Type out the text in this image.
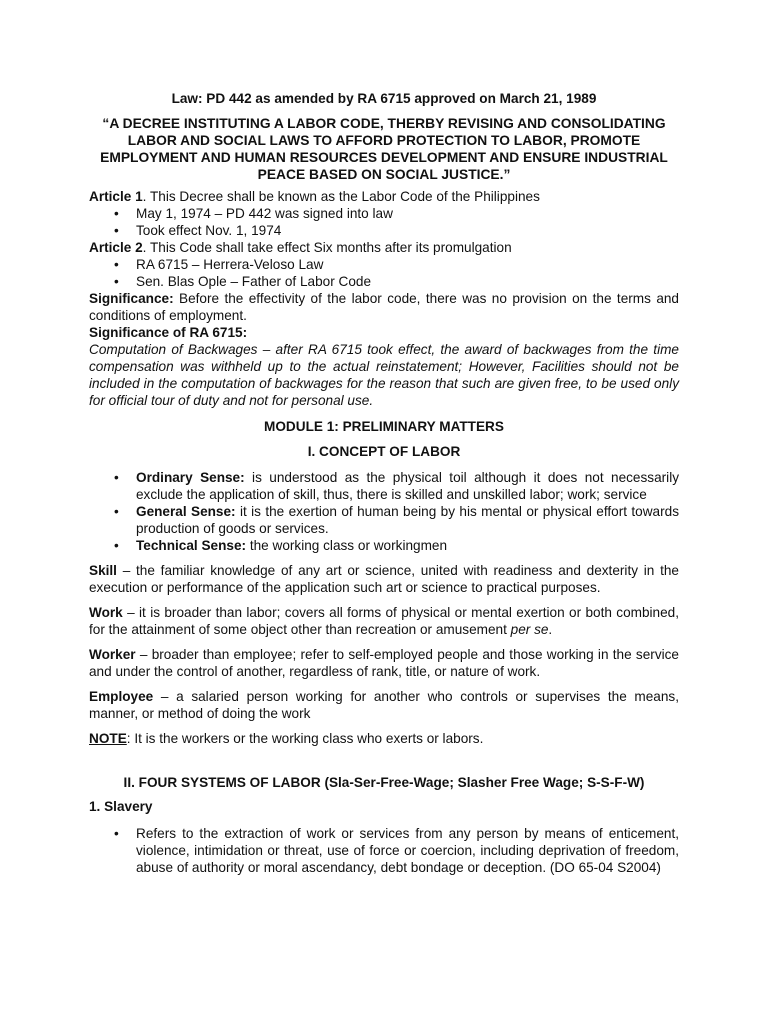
Law: PD 442 as amended by RA 6715 approved on March 21, 1989

“A DECREE INSTITUTING A LABOR CODE, THERBY REVISING AND CONSOLIDATING LABOR AND SOCIAL LAWS TO AFFORD PROTECTION TO LABOR, PROMOTE EMPLOYMENT AND HUMAN RESOURCES DEVELOPMENT AND ENSURE INDUSTRIAL PEACE BASED ON SOCIAL JUSTICE.”

Article 1. This Decree shall be known as the Labor Code of the Philippines
• May 1, 1974 – PD 442 was signed into law
• Took effect Nov. 1, 1974
Article 2. This Code shall take effect Six months after its promulgation
• RA 6715 – Herrera-Veloso Law
• Sen. Blas Ople – Father of Labor Code

Significance: Before the effectivity of the labor code, there was no provision on the terms and conditions of employment.

Significance of RA 6715:

Computation of Backwages – after RA 6715 took effect, the award of backwages from the time compensation was withheld up to the actual reinstatement; However, Facilities should not be included in the computation of backwages for the reason that such are given free, to be used only for official tour of duty and not for personal use.

MODULE 1: PRELIMINARY MATTERS

I. CONCEPT OF LABOR

• Ordinary Sense: is understood as the physical toil although it does not necessarily exclude the application of skill, thus, there is skilled and unskilled labor; work; service
• General Sense: it is the exertion of human being by his mental or physical effort towards production of goods or services.
• Technical Sense: the working class or workingmen

Skill – the familiar knowledge of any art or science, united with readiness and dexterity in the execution or performance of the application such art or science to practical purposes.

Work – it is broader than labor; covers all forms of physical or mental exertion or both combined, for the attainment of some object other than recreation or amusement per se.

Worker – broader than employee; refer to self-employed people and those working in the service and under the control of another, regardless of rank, title, or nature of work.

Employee – a salaried person working for another who controls or supervises the means, manner, or method of doing the work

NOTE: It is the workers or the working class who exerts or labors.

II. FOUR SYSTEMS OF LABOR (Sla-Ser-Free-Wage; Slasher Free Wage; S-S-F-W)

1. Slavery

• Refers to the extraction of work or services from any person by means of enticement, violence, intimidation or threat, use of force or coercion, including deprivation of freedom, abuse of authority or moral ascendancy, debt bondage or deception. (DO 65-04 S2004)
